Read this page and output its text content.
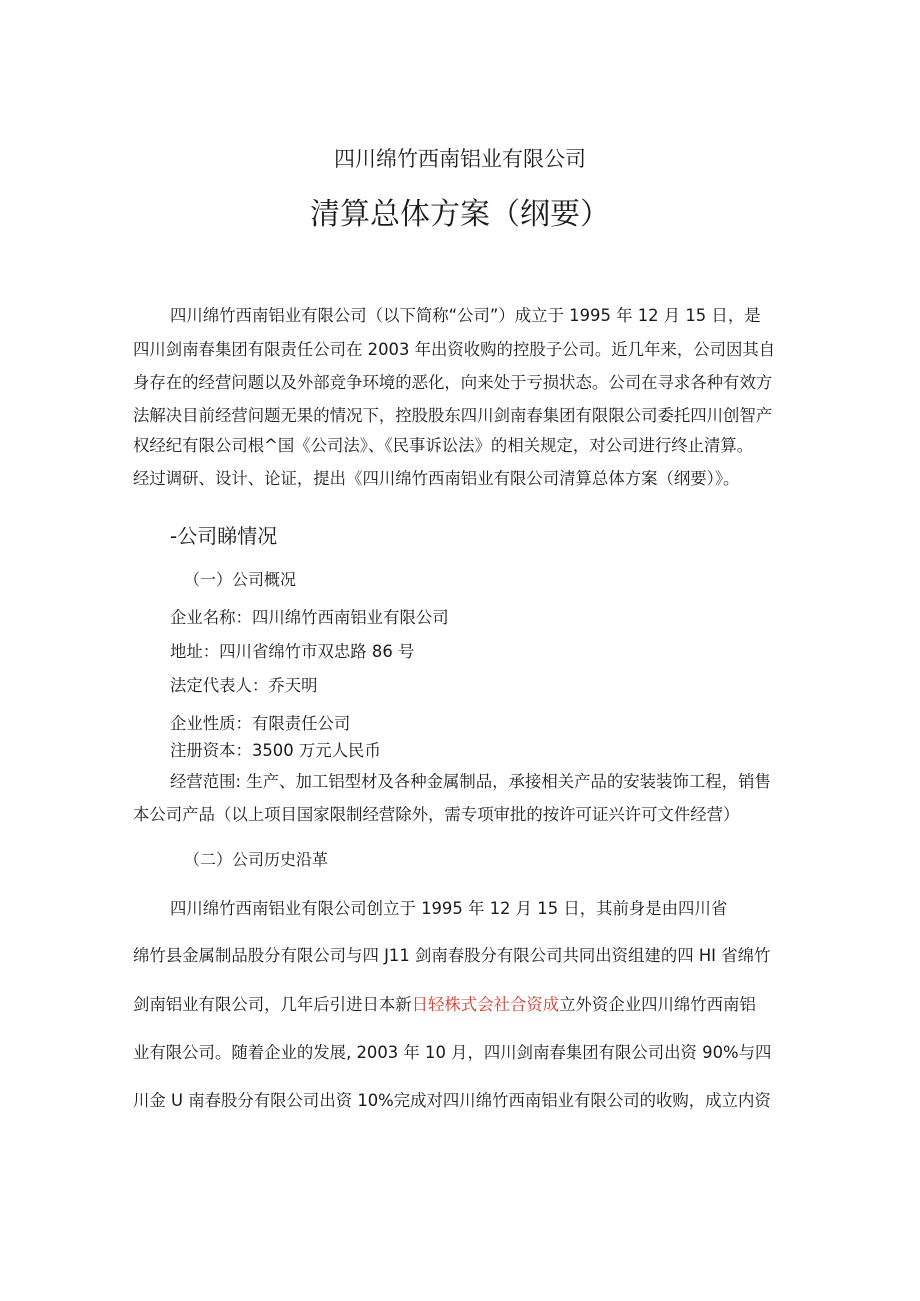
四川绵竹西南铝业有限公司
清算总体方案（纲要）
四川绵竹西南铝业有限公司（以下简称“公司”）成立于 1995 年 12 月 15 日，是
四川剑南春集团有限责任公司在 2003 年出资收购的控股子公司。近几年来，公司因其自
身存在的经营问题以及外部竞争环境的恶化，向来处于亏损状态。公司在寻求各种有效方
法解决目前经营问题无果的情况下，控股股东四川剑南春集团有限限公司委托四川创智产
权经纪有限公司根^国《公司法》、《民事诉讼法》的相关规定，对公司进行终止清算。
经过调研、设计、论证，提出《四川绵竹西南铝业有限公司清算总体方案（纲要）》。
-公司睇情况
（一）公司概况
企业名称：四川绵竹西南铝业有限公司
地址：四川省绵竹市双忠路 86 号
法定代表人：乔天明
企业性质：有限责任公司
注册资本：3500 万元人民币
经营范围: 生产、加工铝型材及各种金属制品，承接相关产品的安装装饰工程，销售
本公司产品（以上项目国家限制经营除外，需专项审批的按许可证兴许可文件经营）
（二）公司历史沿革
四川绵竹西南铝业有限公司创立于 1995 年 12 月 15 日，其前身是由四川省
绵竹县金属制品股分有限公司与四 J11 剑南春股分有限公司共同出资组建的四 HI 省绵竹
剑南铝业有限公司，几年后引进日本新日轻株式会社合资成立外资企业四川绵竹西南铝
业有限公司。随着企业的发展, 2003 年 10 月，四川剑南春集团有限公司出资 90%与四
川金 U 南春股分有限公司出资 10%完成对四川绵竹西南铝业有限公司的收购，成立内资
